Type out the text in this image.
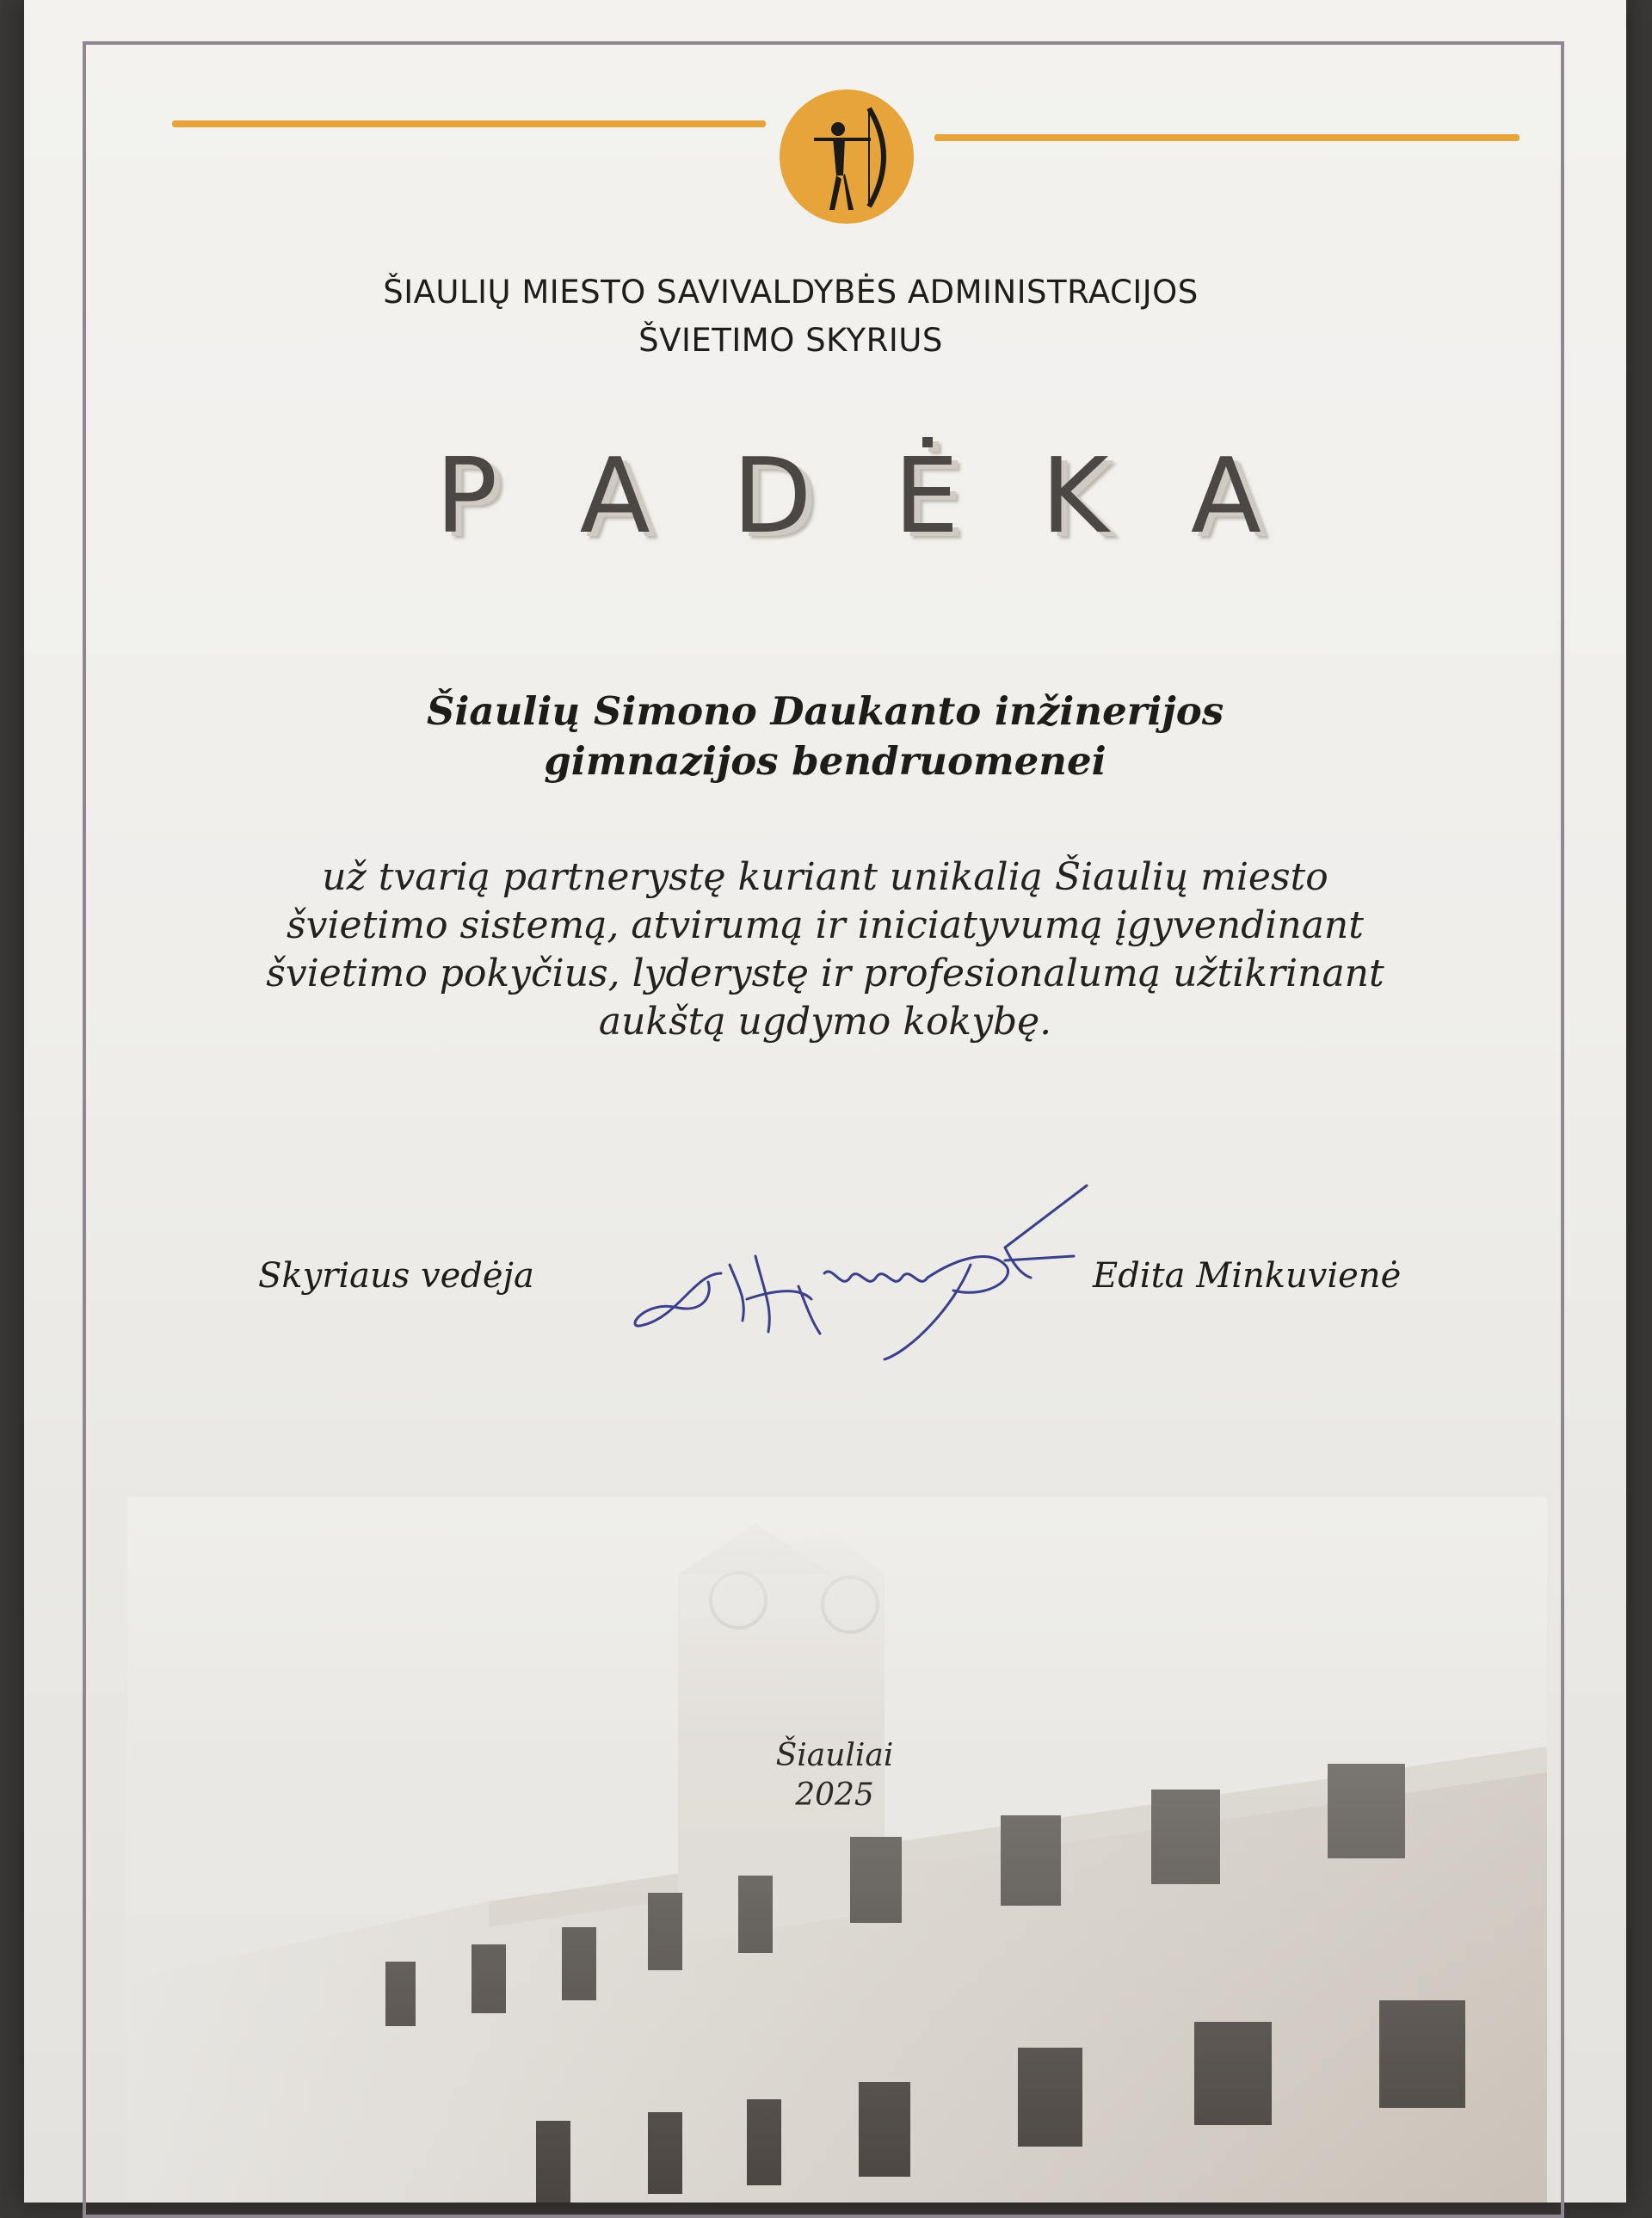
ŠIAULIŲ MIESTO SAVIVALDYBĖS ADMINISTRACIJOS
ŠVIETIMO SKYRIUS
P A D Ė K A
Šiaulių Simono Daukanto inžinerijos
gimnazijos bendruomenei
už tvarią partnerystę kuriant unikalią Šiaulių miesto
švietimo sistemą, atvirumą ir iniciatyvumą įgyvendinant
švietimo pokyčius, lyderystę ir profesionalumą užtikrinant
aukštą ugdymo kokybę.
Skyriaus vedėja	Edita Minkuvienė
Šiauliai
2025
